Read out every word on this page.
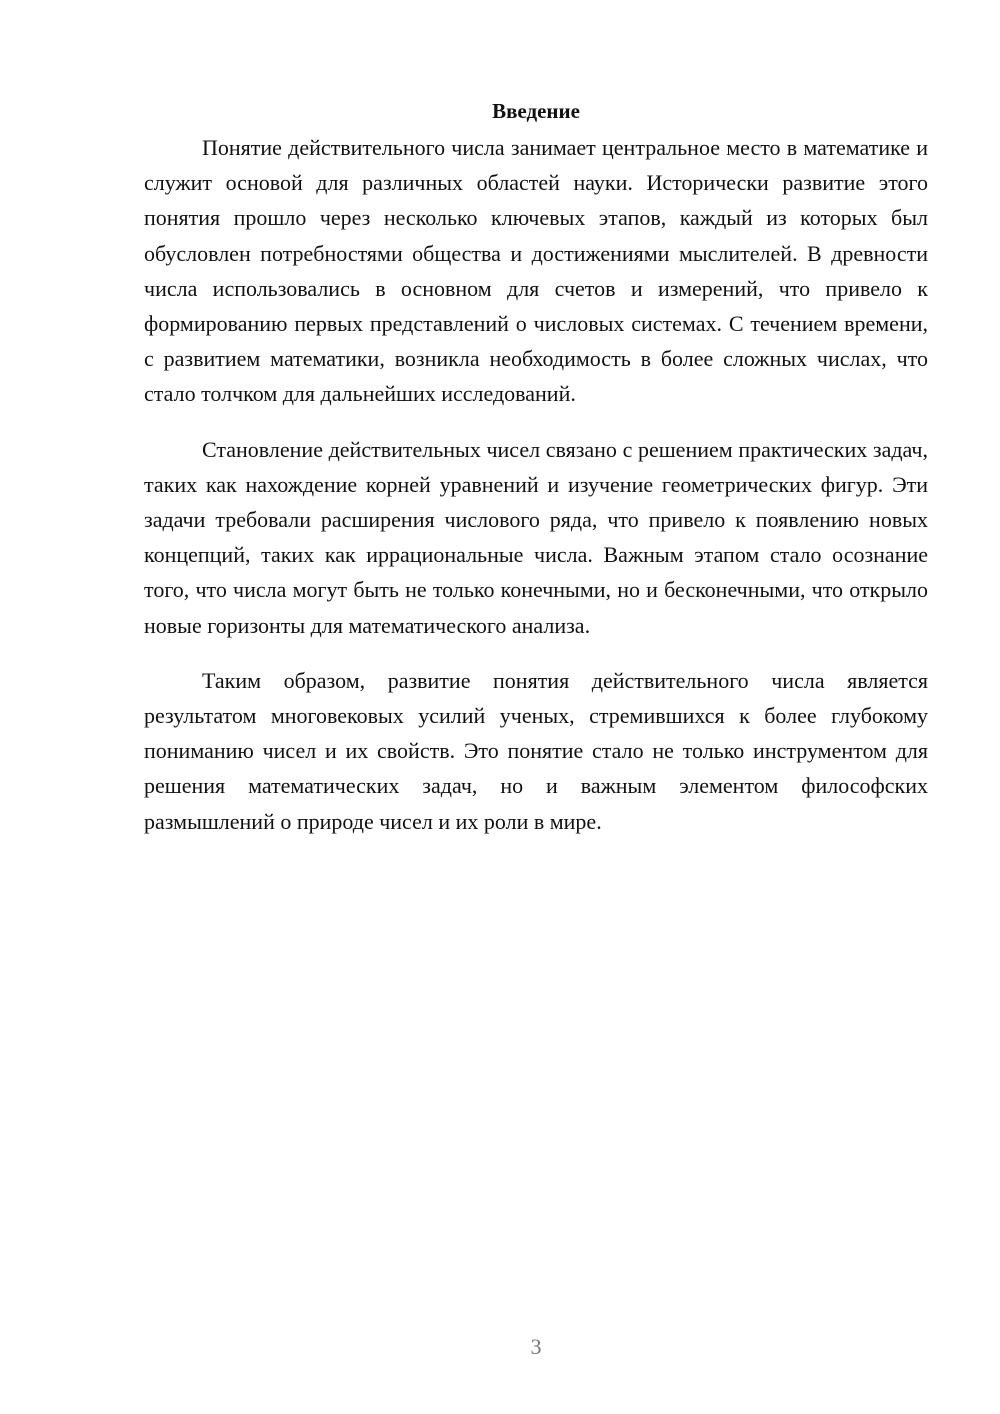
Введение

Понятие действительного числа занимает центральное место в математике и служит основой для различных областей науки. Исторически развитие этого понятия прошло через несколько ключевых этапов, каждый из которых был обусловлен потребностями общества и достижениями мыслителей. В древности числа использовались в основном для счетов и измерений, что привело к формированию первых представлений о числовых системах. С течением времени, с развитием математики, возникла необходимость в более сложных числах, что стало толчком для дальнейших исследований.

Становление действительных чисел связано с решением практических задач, таких как нахождение корней уравнений и изучение геометрических фигур. Эти задачи требовали расширения числового ряда, что привело к появлению новых концепций, таких как иррациональные числа. Важным этапом стало осознание того, что числа могут быть не только конечными, но и бесконечными, что открыло новые горизонты для математического анализа.

Таким образом, развитие понятия действительного числа является результатом многовековых усилий ученых, стремившихся к более глубокому пониманию чисел и их свойств. Это понятие стало не только инструментом для решения математических задач, но и важным элементом философских размышлений о природе чисел и их роли в мире.

3
